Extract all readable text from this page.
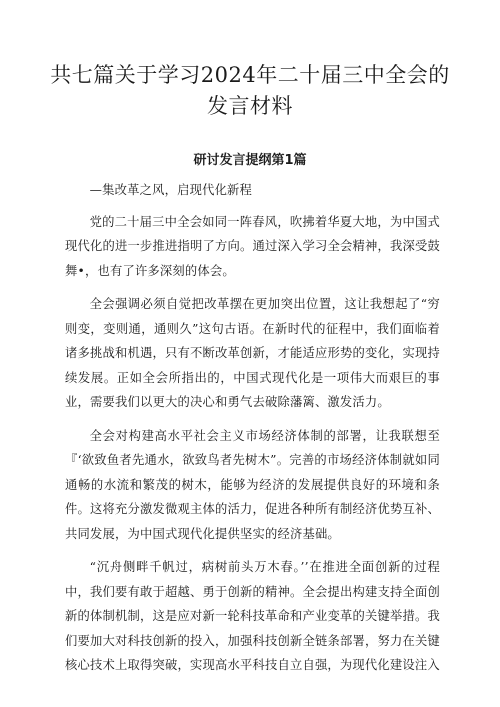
共七篇关于学习2024年二十届三中全会的发言材料
研讨发言提纲第1篇

—集改革之风，启现代化新程

党的二十届三中全会如同一阵春风，吹拂着华夏大地，为中国式现代化的进一步推进指明了方向。通过深入学习全会精神，我深受鼓舞•，也有了许多深刻的体会。

全会强调必须自觉把改革摆在更加突出位置，这让我想起了“穷则变，变则通，通则久”这句古语。在新时代的征程中，我们面临着诸多挑战和机遇，只有不断改革创新，才能适应形势的变化，实现持续发展。正如全会所指出的，中国式现代化是一项伟大而艰巨的事业，需要我们以更大的决心和勇气去破除藩篱、激发活力。

全会对构建高水平社会主义市场经济体制的部署，让我联想至『‘欲致鱼者先通水，欲致鸟者先树木”。完善的市场经济体制就如同通畅的水流和繁茂的树木，能够为经济的发展提供良好的环境和条件。这将充分激发微观主体的活力，促进各种所有制经济优势互补、共同发展，为中国式现代化提供坚实的经济基础。

“沉舟侧畔千帆过，病树前头万木春。’’在推进全面创新的过程中，我们要有敢于超越、勇于创新的精神。全会提出构建支持全面创新的体制机制，这是应对新一轮科技革命和产业变革的关键举措。我们要加大对科技创新的投入，加强科技创新全链条部署，努力在关键核心技术上取得突破，实现高水平科技自立自强，为现代化建设注入
